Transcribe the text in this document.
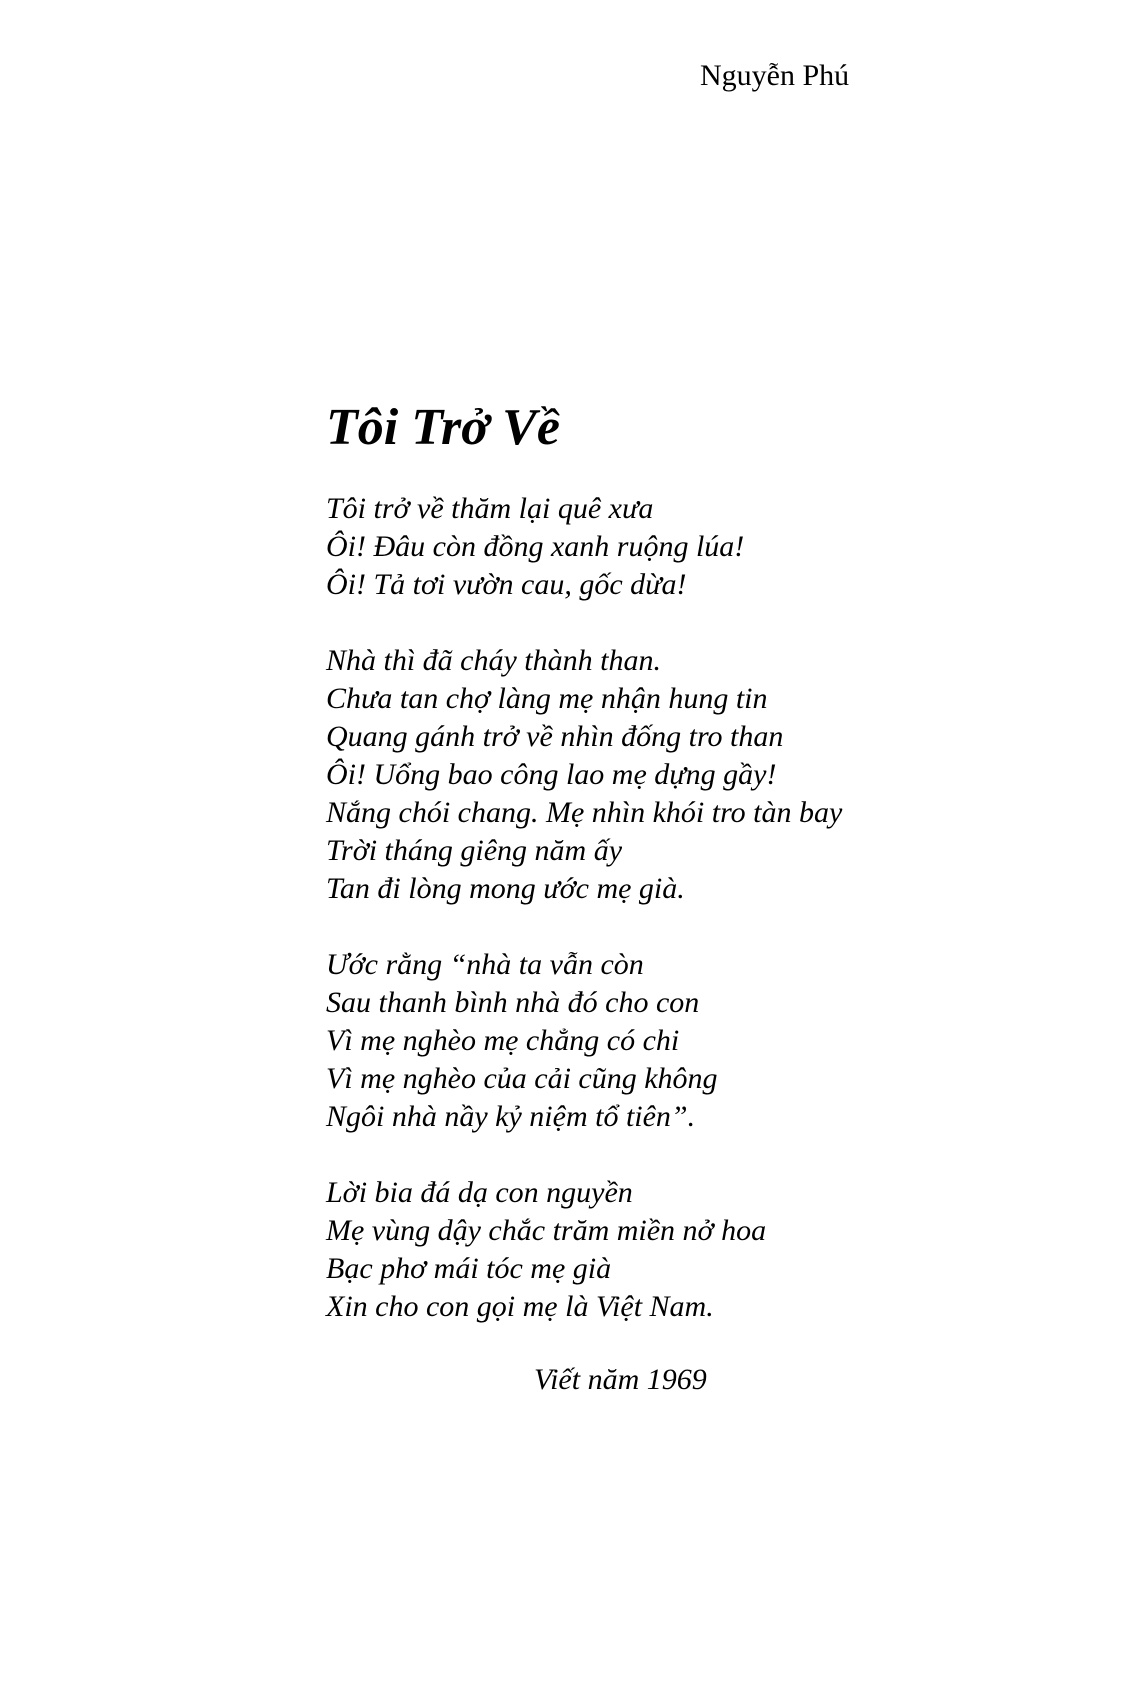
Nguyễn Phú
Tôi Trở Về
Tôi trở về thăm lại quê xưa
Ôi! Đâu còn đồng xanh ruộng lúa!
Ôi! Tả tơi vườn cau, gốc dừa!
Nhà thì đã cháy thành than.
Chưa tan chợ làng mẹ nhận hung tin
Quang gánh trở về nhìn đống tro than
Ôi! Uổng bao công lao mẹ dựng gầy!
Nắng chói chang. Mẹ nhìn khói tro tàn bay
Trời tháng giêng năm ấy
Tan đi lòng mong ước mẹ già.
Ước rằng “nhà ta vẫn còn
Sau thanh bình nhà đó cho con
Vì mẹ nghèo mẹ chẳng có chi
Vì mẹ nghèo của cải cũng không
Ngôi nhà nầy kỷ niệm tổ tiên”.
Lời bia đá dạ con nguyền
Mẹ vùng dậy chắc trăm miền nở hoa
Bạc phơ mái tóc mẹ già
Xin cho con gọi mẹ là Việt Nam.
Viết năm 1969
